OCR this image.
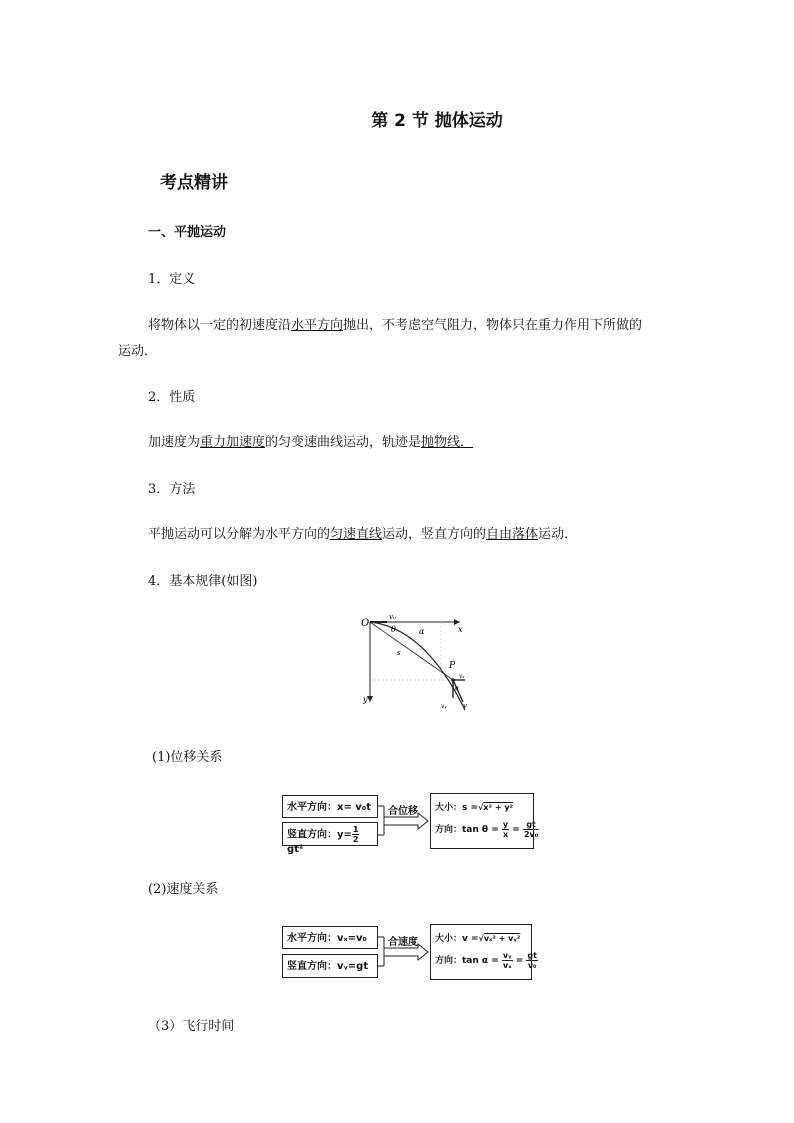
第 2 节 抛体运动
考点精讲
一、平抛运动
1．定义
将物体以一定的初速度沿水平方向抛出，不考虑空气阻力，物体只在重力作用下所做的
运动．
2．性质
加速度为重力加速度的匀变速曲线运动，轨迹是抛物线．
3．方法
平抛运动可以分解为水平方向的匀速直线运动，竖直方向的自由落体运动．
4．基本规律(如图)
O
v₀
x
y
θ	α
s
P
vₓ
vᵧ v
α
(1)位移关系
水平方向：x= v₀t
竖直方向：$y= \frac{1}{2}$
gt²
合位移 大小：s =√x² + y²
方向：$\tan \theta = \frac{y}{x} = \frac{gt}{\text{2v₀}}$
(2)速度关系
水平方向：vₓ=v₀
竖直方向：vᵧ=gt
合速度 大小：v =√vₓ² + vᵧ²
方向：$\tan \alpha = \frac{\text{vᵧ}}{\text{vₓ}} = \frac{gt}{\text{v₀}}$
（3）飞行时间
